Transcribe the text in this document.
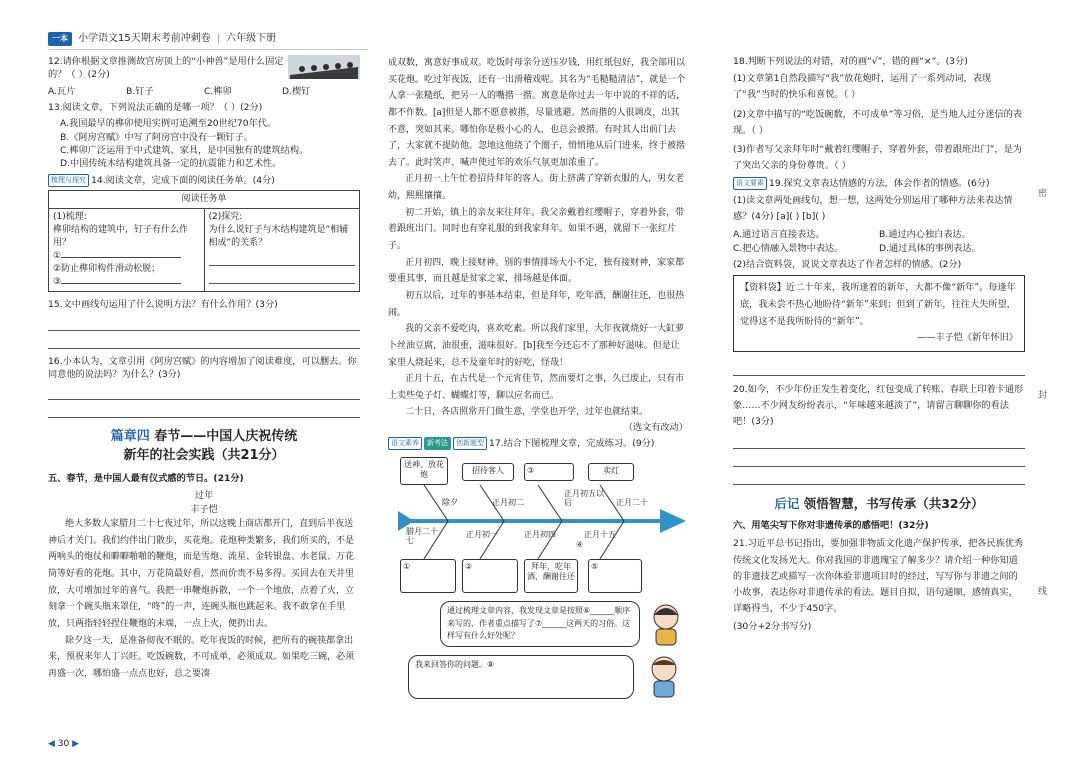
一本	小学语文15天期末考前冲刺卷 | 六年级下册

12.请你根据文章推测故宫房顶上的“小神兽”是用什么固定的？（ ）(2分)

A.瓦片	B.钉子	C.榫卯	D.楔钉

13.阅读文章，下列说法正确的是哪一项？（ ）(2分)

A.我国最早的榫卯使用实例可追溯至20世纪70年代。

B.《阿房宫赋》中写了阿房宫中没有一颗钉子。

C.榫卯广泛运用于中式建筑、家具，是中国独有的建筑结构。

D.中国传统木结构建筑具备一定的抗震能力和艺术性。

梳理与探究 14.阅读文章，完成下面的阅读任务单。(4分)

阅读任务单

(1)梳理:
榫卯结构的建筑中，钉子有什么作用？
①
②防止榫卯构件滑动松脱；
③

(2)探究:
为什么说钉子与木结构建筑是“相辅相成”的关系？

15.文中画线句运用了什么说明方法？有什么作用？(3分)

16.小本认为，文章引用《阿房宫赋》的内容增加了阅读难度，可以删去。你同意他的说法吗？为什么？(3分)

篇章四 春节——中国人庆祝传统
新年的社会实践（共21分）

五、春节，是中国人最有仪式感的节日。(21分)

过年

丰子恺

绝大多数人家腊月二十七夜过年，所以这晚上商店都开门，直到后半夜送神后才关门。我们约伴出门散步，买花炮。花炮种类繁多，我们所买的，不是两响头的炮仗和噼噼啪啪的鞭炮，而是雪炮、流星、金转银盘、水老鼠、万花筒等好看的花炮。其中，万花筒最好看，然而价贵不易多得。买回去在天井里放，大可增加过年的喜气。我把一串鞭炮拆散，一个一个地放，点着了火，立刻拿一个碗头瓶来罩住，“咚”的一声，连碗头瓶也跳起来。我不敢拿在手里放，只两指轻轻捏住鞭炮的末端，一点上火，便扔出去。

除夕这一天，是准备彻夜不眠的。吃年夜饭的时候，把所有的碗筷都拿出来，预祝来年人丁兴旺。吃饭碗数，不可成单，必须成双。如果吃三碗，必须再盛一次，哪怕盛一点点也好，总之要凑

成双数，寓意好事成双。吃饭时母亲分送压岁钱，用红纸包好，我全部用以买花炮。吃过年夜饭，还有一出滑稽戏呢。其名为“毛糙糙清洁”，就是一个人拿一张糙纸，把另一人的嘴揩一揩。寓意是你过去一年中说的不祥的话，都不作数。[a]但是人都不愿意被揩，尽量逃避。然而揩的人很调皮，出其不意，突如其来。哪怕你是极小心的人，也总会被揩。有时其人出前门去了，大家就不提防他。忽地这他绕了个圈子，悄悄地从后门进来，终于被揩去了。此时笑声、喊声使过年的欢乐气氛更加浓重了。

正月初一上午忙着招待拜年的客人。街上挤满了穿新衣服的人，男女老幼，熙熙攘攘。

初二开始，镇上的亲友来往拜年。我父亲戴着红缨帽子，穿着外套，带着跟班出门。同时也有穿礼服的到我家拜年。如果不遇，就留下一张红片子。

正月初四，晚上接财神。别的事情排场大小不定，独有接财神，家家都要重其事，而且越是贫家之家，排场越是体面。

初五以后，过年的事基本结束，但是拜年，吃年酒，酬谢往还，也很热闹。

我的父亲不爱吃肉，喜欢吃素。所以我们家里，大年夜就烧好一大缸萝卜丝油豆腐，油很重，滋味很好。[b]我至今还忘不了那种好滋味。但是让家里人烧起来，总不及童年时的好吃，怪哉！

正月十五，在古代是一个元宵佳节，然而要灯之事，久已废止，只有市上卖些兔子灯、蝴蝶灯等，聊以应名而已。

二十日，各店照常开门做生意，学堂也开学，过年也就结束。

（选文有改动）

语文素养 新考法 创新题型 17.结合下图梳理文章，完成练习。(9分)

送神、放花炮	招待客人	③	卖灯
除夕	正月初二
正月初五以后	正月二十
腊月二十七
正月初一	正月初四	正月十五
①	②	拜年，吃年酒，酬谢往还
⑤
④
通过梳理文章内容，我发现文章是按照⑥______顺序来写的，作者重点描写了⑦______这两天的习俗。这样写有什么好处呢？
我来回答你的问题。⑧

18.判断下列说法的对错，对的画“√”，错的画“×”。(3分)

(1)文章第1自然段描写“我”放花炮时，运用了一系列动词，表现了“我”当时的快乐和喜悦。（ ）

(2)文章中描写的“吃饭碗数，不可成单”等习俗，是当地人过分迷信的表现。（ ）

(3)作者写父亲拜年时“戴着红缨帽子，穿着外套，带着跟班出门”，是为了突出父亲的身份尊贵。（ ）

语文要素 19.探究文章表达情感的方法，体会作者的情感。(6分)

(1)读文章两处画线句，想一想，这两处分别运用了哪种方法来表达情感？(4分) [a]( ) [b]( )

A.通过语言直接表达。	B.通过内心独白表达。
C.把心情融入景物中表达。	D.通过具体的事例表达。

(2)结合资料袋，说说文章表达了作者怎样的情感。(2分)

【资料袋】近二十年来，我所逢着的新年，大都不像“新年”。每逢年底，我未尝不热心地盼待“新年”来到；但到了新年，往往大失所望，觉得这不是我所盼待的“新年”。
——丰子恺《新年怀旧》

20.如今，不少年份正发生着变化，红包变成了转账、春联上印着卡通形象……不少网友纷纷表示，“年味越来越淡了”，请留言聊聊你的看法吧！(3分)

后记 领悟智慧，书写传承（共32分）

六、用笔尖写下你对非遗传承的感悟吧！(32分)

21.习近平总书记指出，要加强非物质文化遗产保护传承，把各民族优秀传统文化发扬光大。你对我国的非遗瑰宝了解多少？请介绍一种你知道的非遗技艺或描写一次你体验非遗项目时的经过，写写你与非遗之间的小故事，表达你对非遗传承的看法。题目自拟，语句通顺，感情真实，详略得当，不少于450字。

(30分+2分书写分)

密
封
线
◀ 30 ▶
